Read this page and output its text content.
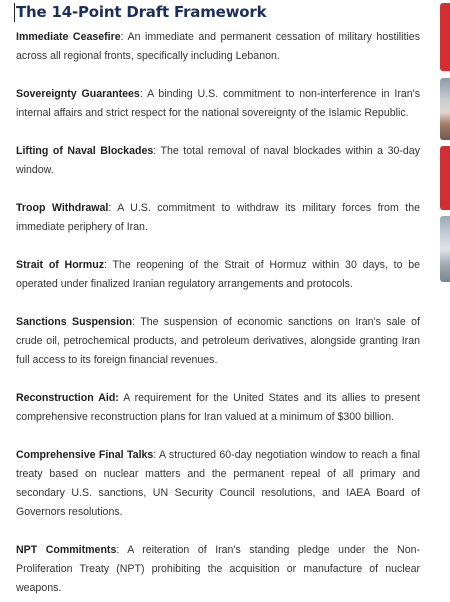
The 14-Point Draft Framework

Immediate Ceasefire: An immediate and permanent cessation of military hostilities across all regional fronts, specifically including Lebanon.

Sovereignty Guarantees: A binding U.S. commitment to non-interference in Iran's internal affairs and strict respect for the national sovereignty of the Islamic Republic.

Lifting of Naval Blockades: The total removal of naval blockades within a 30-day window.

Troop Withdrawal: A U.S. commitment to withdraw its military forces from the immediate periphery of Iran.

Strait of Hormuz: The reopening of the Strait of Hormuz within 30 days, to be operated under finalized Iranian regulatory arrangements and protocols.

Sanctions Suspension: The suspension of economic sanctions on Iran's sale of crude oil, petrochemical products, and petroleum derivatives, alongside granting Iran full access to its foreign financial revenues.

Reconstruction Aid: A requirement for the United States and its allies to present comprehensive reconstruction plans for Iran valued at a minimum of $300 billion.

Comprehensive Final Talks: A structured 60-day negotiation window to reach a final treaty based on nuclear matters and the permanent repeal of all primary and secondary U.S. sanctions, UN Security Council resolutions, and IAEA Board of Governors resolutions.

NPT Commitments: A reiteration of Iran's standing pledge under the Non-Proliferation Treaty (NPT) prohibiting the acquisition or manufacture of nuclear weapons.
